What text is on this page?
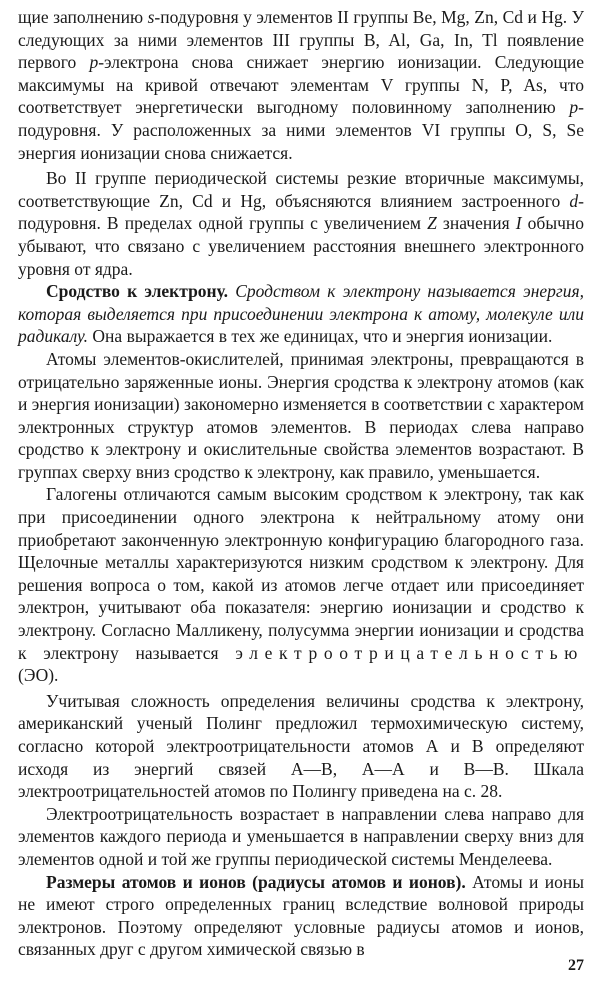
щие заполнению s-подуровня у элементов II группы Be, Mg, Zn, Cd и Hg. У следующих за ними элементов III группы B, Al, Ga, In, Tl появление первого p-электрона снова снижает энергию ионизации. Следующие максимумы на кривой отвечают элементам V группы N, P, As, что соответствует энергетически выгодному половинному заполнению p-подуровня. У расположенных за ними элементов VI группы O, S, Se энергия ионизации снова снижается.

Во II группе периодической системы резкие вторичные максимумы, соответствующие Zn, Cd и Hg, объясняются влиянием застроенного d-подуровня. В пределах одной группы с увеличением Z значения I обычно убывают, что связано с увеличением расстояния внешнего электронного уровня от ядра.

Сродство к электрону. Сродством к электрону называется энергия, которая выделяется при присоединении электрона к атому, молекуле или радикалу. Она выражается в тех же единицах, что и энергия ионизации.

Атомы элементов-окислителей, принимая электроны, превращаются в отрицательно заряженные ионы. Энергия сродства к электрону атомов (как и энергия ионизации) закономерно изменяется в соответствии с характером электронных структур атомов элементов. В периодах слева направо сродство к электрону и окислительные свойства элементов возрастают. В группах сверху вниз сродство к электрону, как правило, уменьшается.

Галогены отличаются самым высоким сродством к электрону, так как при присоединении одного электрона к нейтральному атому они приобретают законченную электронную конфигурацию благородного газа. Щелочные металлы характеризуются низким сродством к электрону. Для решения вопроса о том, какой из атомов легче отдает или присоединяет электрон, учитывают оба показателя: энергию ионизации и сродство к электрону. Согласно Малликену, полусумма энергии ионизации и сродства к электрону называется электроотрицательностью (ЭО).

Учитывая сложность определения величины сродства к электрону, американский ученый Полинг предложил термохимическую систему, согласно которой электроотрицательности атомов А и В определяют исходя из энергий связей А—В, А—А и В—В. Шкала электроотрицательностей атомов по Полингу приведена на с. 28.

Электроотрицательность возрастает в направлении слева направо для элементов каждого периода и уменьшается в направлении сверху вниз для элементов одной и той же группы периодической системы Менделеева.

Размеры атомов и ионов (радиусы атомов и ионов). Атомы и ионы не имеют строго определенных границ вследствие волновой природы электронов. Поэтому определяют условные радиусы атомов и ионов, связанных друг с другом химической связью в

27
